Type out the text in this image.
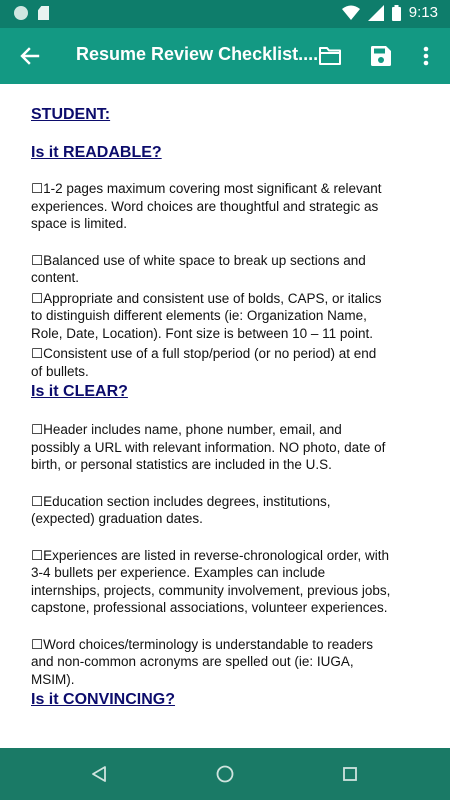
9:13
Resume Review Checklist....

STUDENT:

Is it READABLE?

☐1-2 pages maximum covering most significant & relevant experiences. Word choices are thoughtful and strategic as space is limited.

☐Balanced use of white space to break up sections and content.

☐Appropriate and consistent use of bolds, CAPS, or italics to distinguish different elements (ie: Organization Name, Role, Date, Location). Font size is between 10 – 11 point.

☐Consistent use of a full stop/period (or no period) at end of bullets.

Is it CLEAR?

☐Header includes name, phone number, email, and possibly a URL with relevant information. NO photo, date of birth, or personal statistics are included in the U.S.

☐Education section includes degrees, institutions, (expected) graduation dates.

☐Experiences are listed in reverse-chronological order, with 3-4 bullets per experience. Examples can include internships, projects, community involvement, previous jobs, capstone, professional associations, volunteer experiences.

☐Word choices/terminology is understandable to readers and non-common acronyms are spelled out (ie: IUGA, MSIM).

Is it CONVINCING?
